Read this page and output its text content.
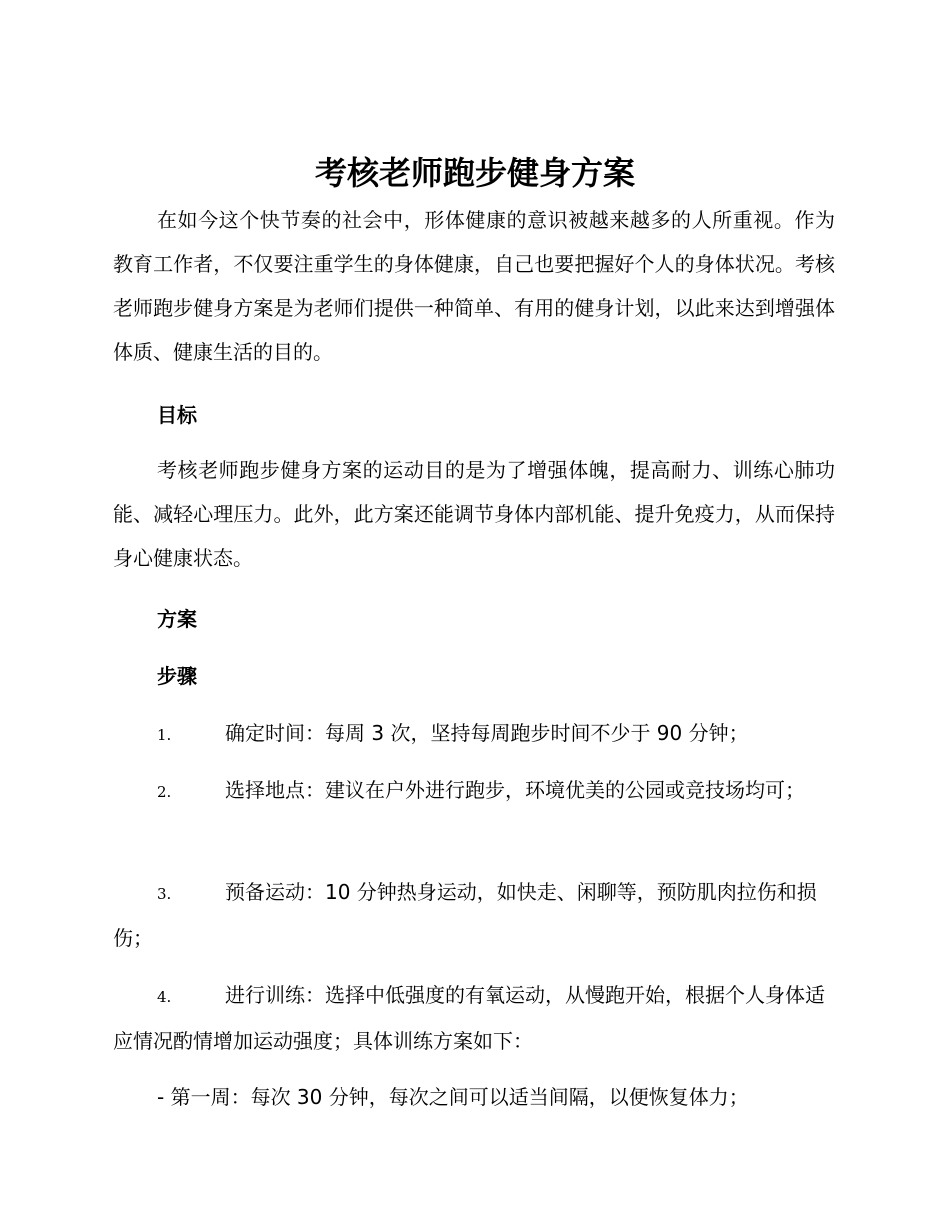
考核老师跑步健身方案

在如今这个快节奏的社会中，形体健康的意识被越来越多的人所重视。作为教育工作者，不仅要注重学生的身体健康，自己也要把握好个人的身体状况。考核老师跑步健身方案是为老师们提供一种简单、有用的健身计划，以此来达到增强体体质、健康生活的目的。

目标

考核老师跑步健身方案的运动目的是为了增强体魄，提高耐力、训练心肺功能、减轻心理压力。此外，此方案还能调节身体内部机能、提升免疫力，从而保持身心健康状态。

方案
步骤

1.	确定时间：每周 3 次，坚持每周跑步时间不少于 90 分钟；

2.	选择地点：建议在户外进行跑步，环境优美的公园或竞技场均可；

3.	预备运动：10 分钟热身运动，如快走、闲聊等，预防肌肉拉伤和损伤；

4.	进行训练：选择中低强度的有氧运动，从慢跑开始，根据个人身体适应情况酌情增加运动强度；具体训练方案如下：

- 第一周：每次 30 分钟，每次之间可以适当间隔，以便恢复体力；
